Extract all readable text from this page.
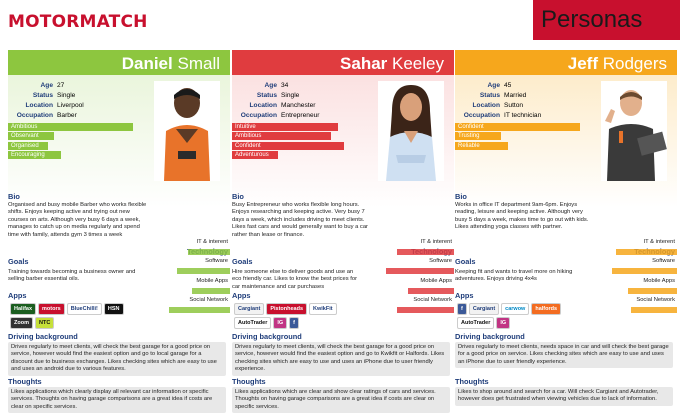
MOTORMATCH	Personas
Daniel Small
Age 27
Status Single
Location Liverpool
Occupation Barber
Ambitious
Observant
Organised
Encouraging
Bio
Organised and busy mobile Barber who works flexible shifts. Enjoys keeping active and trying out new courses on arts. Although very busy 6 days a week, manages to catch up on media regularly and spend time with family, attends gym 3 times a week
Goals
Training towards becoming a business owner and selling barber essential oils.
Apps
Halifax	motors	BlueChilli!	HSN
Zoom	NTC
IT & interent
Software
Mobile Apps
Social Network
Driving background
Drives regularly to meet clients, will check the best garage for a good price on service, however would find the easiest option and go to local garage for a discount due to business exchanges. Likes checking sites which are easy to use and uses an android due to various features.
Thoughts
Likes applications which clearly display all relevant car information or specific services. Thoughts on having garage comparisons are a great idea if costs are clear on specific services.
Sahar Keeley
Age 34
Status Single
Location Manchester
Occupation Entrepreneur
Intuitive
Ambitious
Confident
Adventurous
Bio
Busy Entrepreneur who works flexible long hours. Enjoys researching and keeping active. Very busy 7 days a week, which includes driving to meet clients. Likes fast cars and would generally want to buy a car rather than lease or finance.
Goals
Hire someone else to deliver goods and use an eco friendly car. Likes to know the best prices for car maintenance and car purchases
Apps
Cargiant	Pistonheads	KwikFit
AutoTrader	IG	f
IT & interent
Software
Mobile Apps
Social Network
Driving background
Drives regularly to meet clients, will check the best garage for a good price on service, however would find the easiest option and go to Kwikfit or Halfords. Likes checking sites which are easy to use and uses an iPhone due to user friendly experience.
Thoughts
Likes applications which are clear and show clear ratings of cars and services. Thoughts on having garage comparisons are a great idea if costs are clear on specific services.
Jeff Rodgers
Age 45
Status Married
Location Sutton
Occupation IT technician
Confident
Trusting
Reliable
Bio
Works in office IT department 9am-6pm. Enjoys reading, leisure and keeping active. Although very busy 5 days a week, makes time to go out with kids. Likes attending yoga classes with partner.
Goals
Keeping fit and wants to travel more on hiking adventures. Enjoys driving 4x4s
Apps
f	Cargiant	carwow	halfords
AutoTrader	IG
IT & interent
Software
Mobile Apps
Social Network
Driving background
Drives regularly to meet clients, needs space in car and will check the best garage for a good price on service. Likes checking sites which are easy to use and uses an iPhone due to user friendly experience.
Thoughts
Likes to shop around and search for a car. Will check Cargiant and Autotrader, however does get frustrated when viewing vehicles due to lack of information.
